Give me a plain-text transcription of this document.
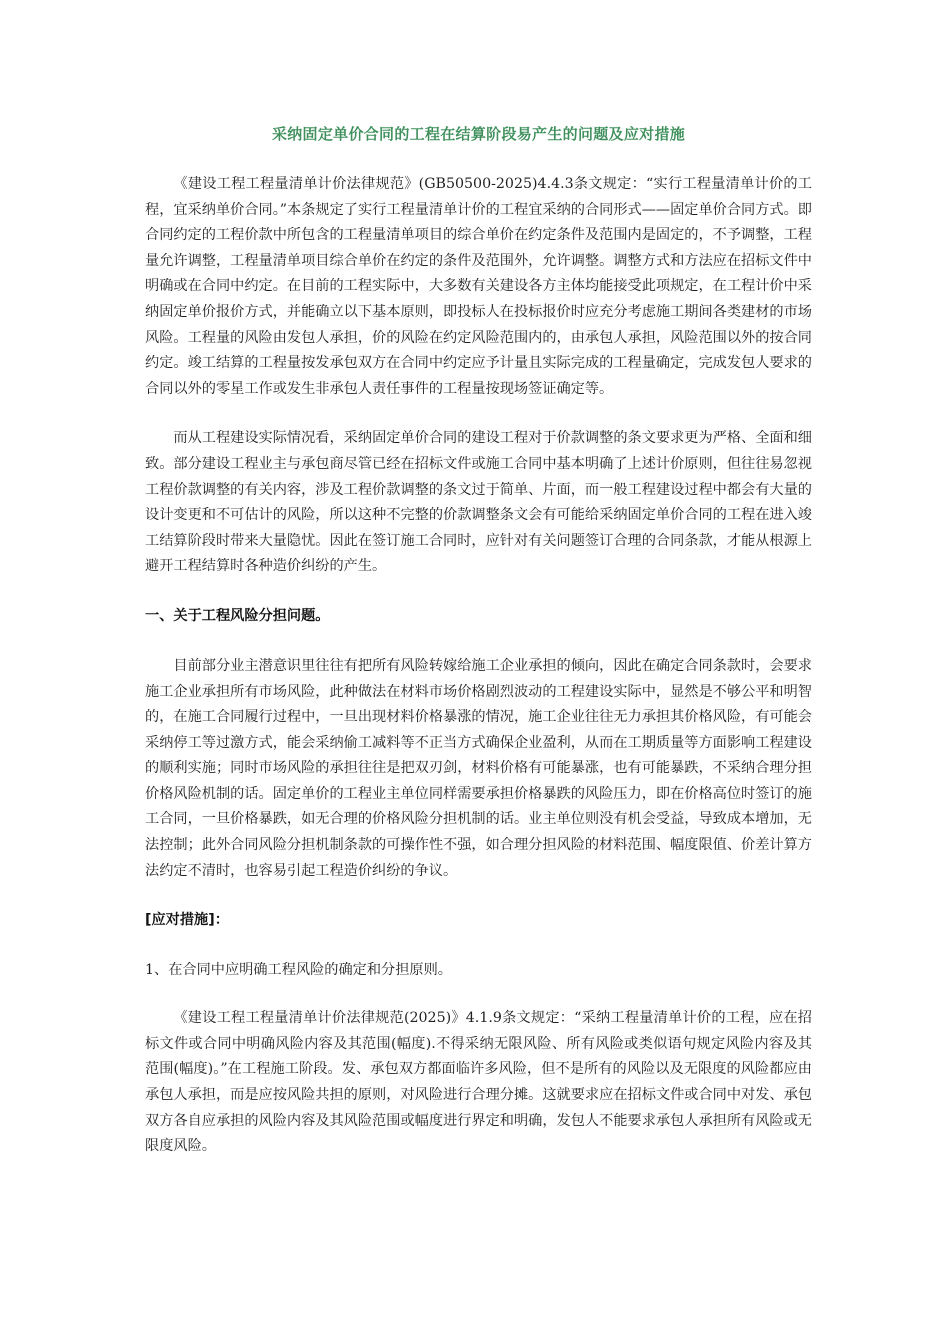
采纳固定单价合同的工程在结算阶段易产生的问题及应对措施

《建设工程工程量清单计价法律规范》(GB50500-2025)4.4.3条文规定：“实行工程量清单计价的工程，宜采纳单价合同。”本条规定了实行工程量清单计价的工程宜采纳的合同形式——固定单价合同方式。即合同约定的工程价款中所包含的工程量清单项目的综合单价在约定条件及范围内是固定的，不予调整，工程量允许调整，工程量清单项目综合单价在约定的条件及范围外，允许调整。调整方式和方法应在招标文件中明确或在合同中约定。在目前的工程实际中，大多数有关建设各方主体均能接受此项规定，在工程计价中采纳固定单价报价方式，并能确立以下基本原则，即投标人在投标报价时应充分考虑施工期间各类建材的市场风险。工程量的风险由发包人承担，价的风险在约定风险范围内的，由承包人承担，风险范围以外的按合同约定。竣工结算的工程量按发承包双方在合同中约定应予计量且实际完成的工程量确定，完成发包人要求的合同以外的零星工作或发生非承包人责任事件的工程量按现场签证确定等。

而从工程建设实际情况看，采纳固定单价合同的建设工程对于价款调整的条文要求更为严格、全面和细致。部分建设工程业主与承包商尽管已经在招标文件或施工合同中基本明确了上述计价原则，但往往易忽视工程价款调整的有关内容，涉及工程价款调整的条文过于简单、片面，而一般工程建设过程中都会有大量的设计变更和不可估计的风险，所以这种不完整的价款调整条文会有可能给采纳固定单价合同的工程在进入竣工结算阶段时带来大量隐忧。因此在签订施工合同时，应针对有关问题签订合理的合同条款，才能从根源上避开工程结算时各种造价纠纷的产生。

一、关于工程风险分担问题。

目前部分业主潜意识里往往有把所有风险转嫁给施工企业承担的倾向，因此在确定合同条款时，会要求施工企业承担所有市场风险，此种做法在材料市场价格剧烈波动的工程建设实际中，显然是不够公平和明智的，在施工合同履行过程中，一旦出现材料价格暴涨的情况，施工企业往往无力承担其价格风险，有可能会采纳停工等过激方式，能会采纳偷工减料等不正当方式确保企业盈利，从而在工期质量等方面影响工程建设的顺利实施；同时市场风险的承担往往是把双刃剑，材料价格有可能暴涨，也有可能暴跌，不采纳合理分担价格风险机制的话。固定单价的工程业主单位同样需要承担价格暴跌的风险压力，即在价格高位时签订的施工合同，一旦价格暴跌，如无合理的价格风险分担机制的话。业主单位则没有机会受益，导致成本增加，无法控制；此外合同风险分担机制条款的可操作性不强，如合理分担风险的材料范围、幅度限值、价差计算方法约定不清时，也容易引起工程造价纠纷的争议。

[应对措施]：

1、在合同中应明确工程风险的确定和分担原则。

《建设工程工程量清单计价法律规范(2025)》4.1.9条文规定：“采纳工程量清单计价的工程，应在招标文件或合同中明确风险内容及其范围(幅度).不得采纳无限风险、所有风险或类似语句规定风险内容及其范围(幅度)。”在工程施工阶段。发、承包双方都面临许多风险，但不是所有的风险以及无限度的风险都应由承包人承担，而是应按风险共担的原则，对风险进行合理分摊。这就要求应在招标文件或合同中对发、承包双方各自应承担的风险内容及其风险范围或幅度进行界定和明确，发包人不能要求承包人承担所有风险或无限度风险。
